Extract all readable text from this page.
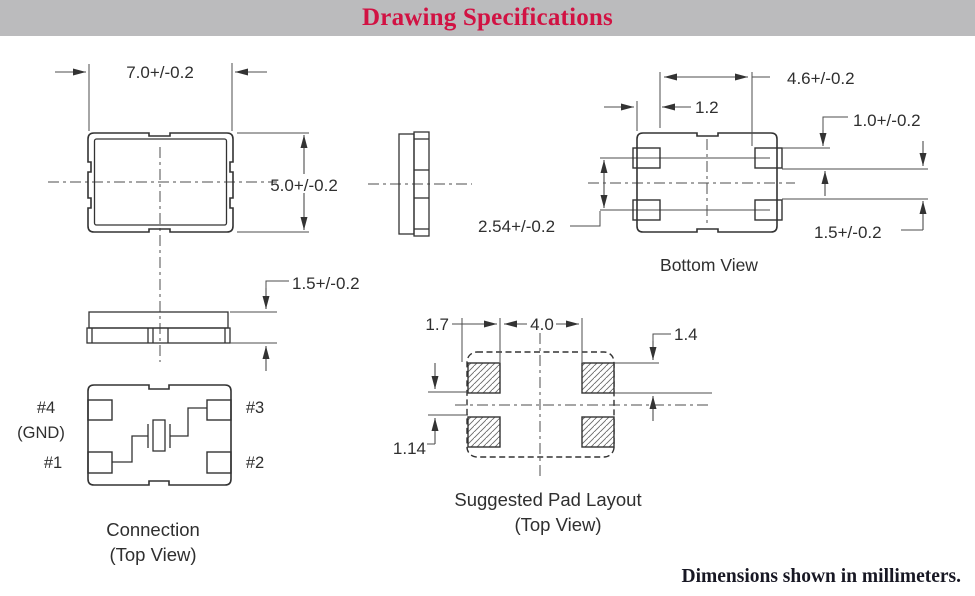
Drawing Specifications
7.0+/-0.2
5.0+/-0.2
2.54+/-0.2
4.6+/-0.2
1.2
1.0+/-0.2
1.5+/-0.2
Bottom View
1.5+/-0.2
#4
(GND)
#1
#3
#2
Connection
(Top View)
1.7	4.0
1.4
1.14
Suggested Pad Layout
(Top View)
Dimensions shown in millimeters.
